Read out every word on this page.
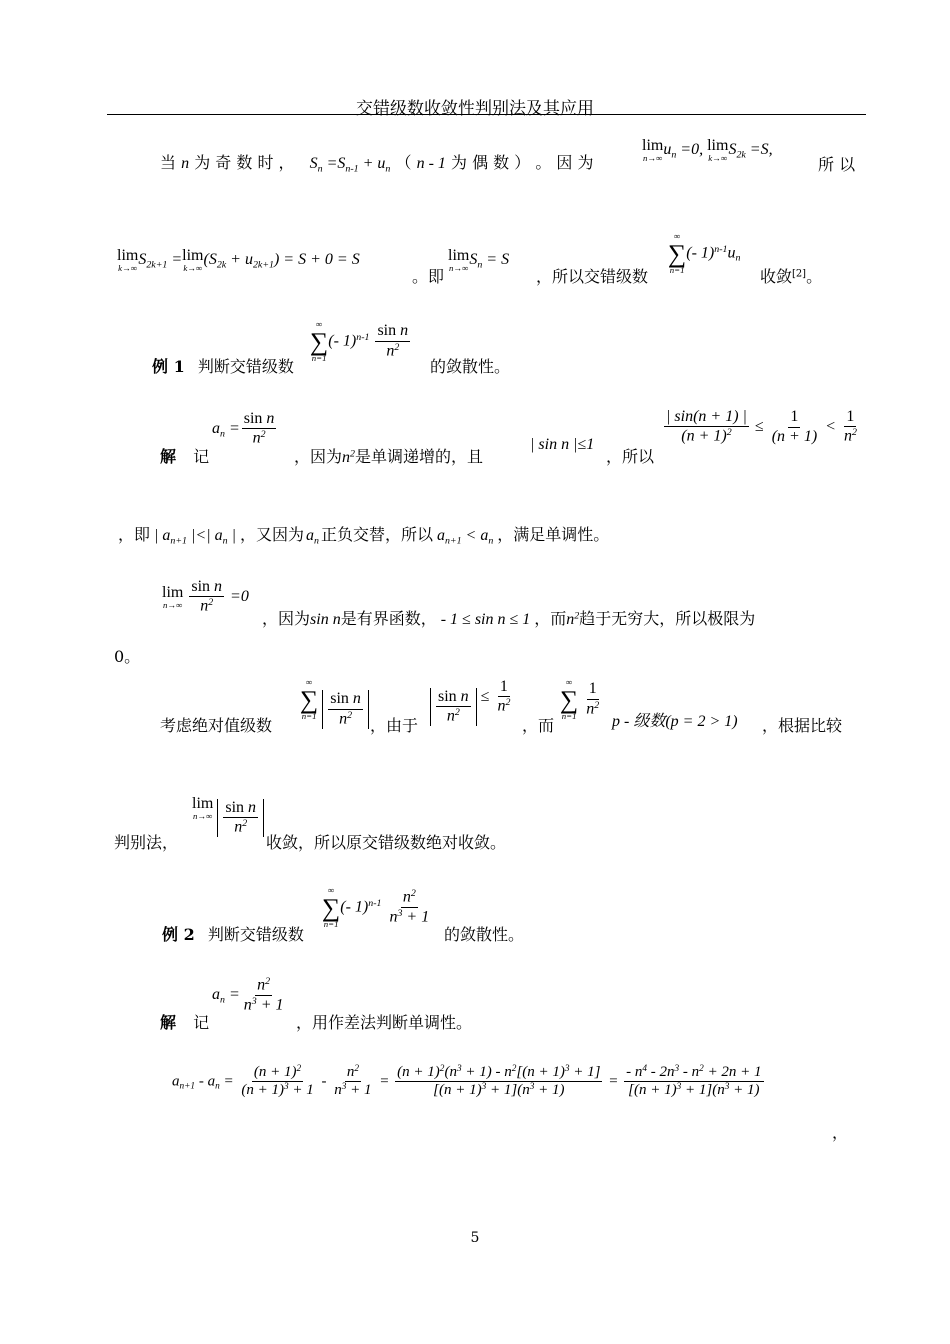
交错级数收敛性判别法及其应用
当 n 为 奇 数 时 ， $S_n =S_{n-1} + u_n$ （ n - 1 为 偶 数 ） 。 因 为
lim
n→∞ $u_n =0$, lim
k→∞ $S_{2k} =S$,
所 以
lim
k→∞ $S_{2k+1} = \lim$
k→∞ $(S_{2k} + u_{2k+1}) = S + 0 = S$
。即
lim
n→∞ $S_n = S$
，所以交错级数
∞
∑
n=1
(- $1)^{n-1}u_n$
收敛[2]。
例 1 判断交错级数
∞
∑
n=1
(- $1)^{n-1} \frac{\text{sin n}}{n^2}$
的敛散性。
解 记
$a_n = \frac{\text{sin n}}{n^2}$
，因为$n^2$是单调递增的，且
| sin n |≤1
，所以
$\frac{| \sin(n + 1) |}{(n + 1)^2} \le \frac{1}{(n + 1)} < \frac{1}{n^2}$
，即 | $a_{n+1}$ |<| $a_n$ | ，又因为 $a_n$ 正负交替，所以 $a_{n+1} < a_n$ ，满足单调性。
lim
n→∞
$\frac{\text{sin n}}{n^2} =0$
，因为sin n是有界函数， - 1 ≤ sin n ≤ 1 ，而$n^2$趋于无穷大，所以极限为
0。
考虑绝对值级数
∞
∑
n=1
$\frac{\text{sin n}}{n^2}$ ，由于 $\frac{\text{sin n}}{n^2} \le \frac{1}{n^2}$
，而
∞
∑
n=1
$\frac{1}{n^2}$
p - 级数(p = 2 > 1) ，根据比较
判别法，
lim
n→∞
$\frac{\text{sin n}}{n^2}$
收敛，所以原交错级数绝对收敛。
例 2 判断交错级数
∞
∑
n=1
(- $1)^{n-1} \frac{n^2}{n^3 + 1}$
的敛散性。
解 记
$a_n = \frac{n^2}{n^3 + 1}$
，用作差法判断单调性。
$a_{n+1} - a_n = \frac{(n + 1)^2}{(n + 1)^3 + 1} - \frac{n^2}{n^3 + 1} = \frac{(n + 1)^2(n^3 + 1) - n^2[(n + 1)^3 + 1]}{[(n + 1)^3 + 1](n^3 + 1)} = \frac{- n^4 - 2n^3 - n^2 + 2n + 1}{[(n + 1)^3 + 1](n^3 + 1)}$
，
5
